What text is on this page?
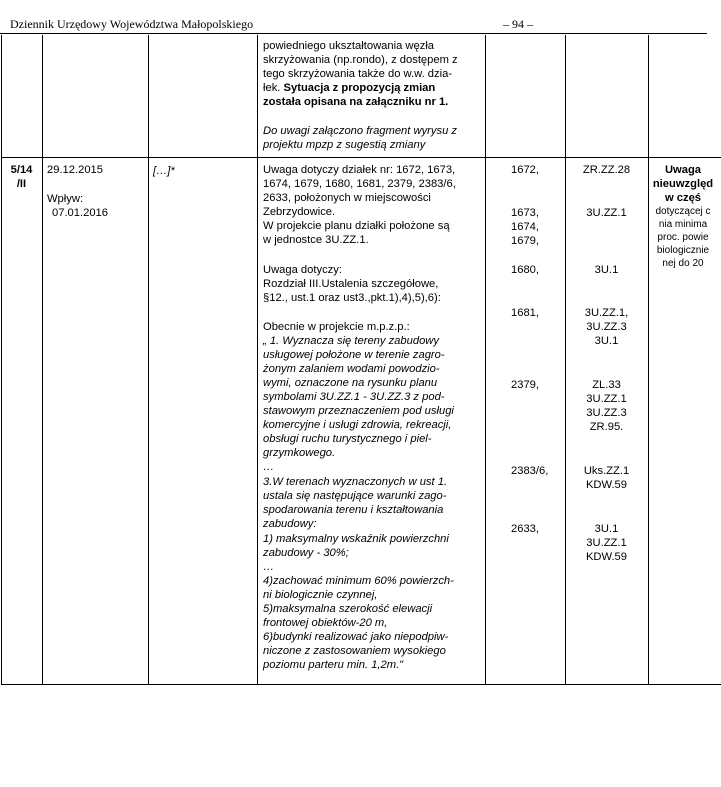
Dziennik Urzędowy Województwa Małopolskiego	– 94 –
powiedniego ukształtowania węzła
skrzyżowania (np.rondo), z dostępem z
tego skrzyżowania także do w.w. dzia-
łek. Sytuacja z propozycją zmian
została opisana na załączniku nr 1.
Do uwagi załączono fragment wyrysu z
projektu mpzp z sugestią zmiany
5/14
/II
29.12.2015
Wpływ:
07.01.2016
[…]*	Uwaga dotyczy działek nr: 1672, 1673,
1674, 1679, 1680, 1681, 2379, 2383/6,
2633, położonych w miejscowości
Zebrzydowice.
W projekcie planu działki położone są
w jednostce 3U.ZZ.1.
Uwaga dotyczy:
Rozdział III.Ustalenia szczegółowe,
§12., ust.1 oraz ust3.,pkt.1),4),5),6):
Obecnie w projekcie m.p.z.p.:
„ 1. Wyznacza się tereny zabudowy
usługowej położone w terenie zagro-
żonym zalaniem wodami powodzio-
wymi, oznaczone na rysunku planu
symbolami 3U.ZZ.1 - 3U.ZZ.3 z pod-
stawowym przeznaczeniem pod usługi
komercyjne i usługi zdrowia, rekreacji,
obsługi ruchu turystycznego i piel-
grzymkowego.
…
3.W terenach wyznaczonych w ust 1.
ustala się następujące warunki zago-
spodarowania terenu i kształtowania
zabudowy:
1) maksymalny wskaźnik powierzchni
zabudowy - 30%;
…
4)zachować minimum 60% powierzch-
ni biologicznie czynnej,
5)maksymalna szerokość elewacji
frontowej obiektów-20 m,
6)budynki realizować jako niepodpiw-
niczone z zastosowaniem wysokiego
poziomu parteru min. 1,2m."
1672,
1673,
1674,
1679,
1680,
1681,
2379,
2383/6,
2633,
ZR.ZZ.28
3U.ZZ.1
3U.1
3U.ZZ.1,
3U.ZZ.3
3U.1
ZL.33
3U.ZZ.1
3U.ZZ.3
ZR.95.
Uks.ZZ.1
KDW.59
3U.1
3U.ZZ.1
KDW.59
Uwaga
nieuwzględ
w częś
dotyczącej c
nia minima
proc. powie
biologicznie
nej do 20
